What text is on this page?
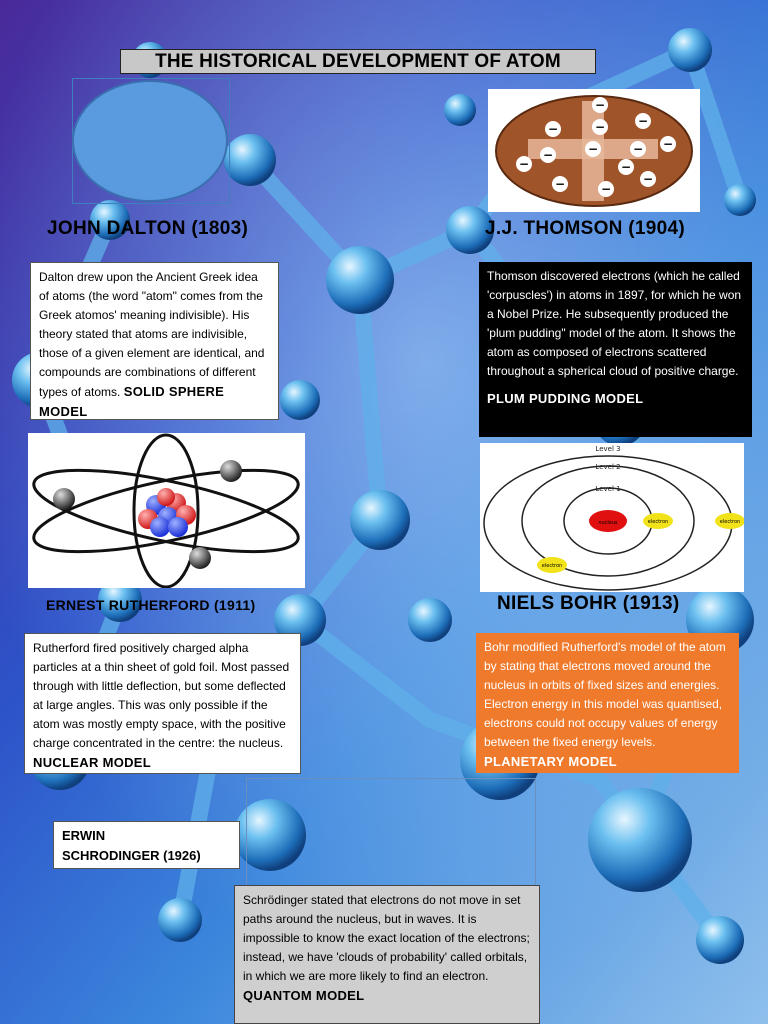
THE HISTORICAL DEVELOPMENT OF ATOM
−
−	−	−
−
−	−	− −
−	−
−
−
JOHN DALTON (1803)	J.J. THOMSON (1904)
Dalton drew upon the Ancient Greek idea of atoms (the word "atom" comes from the Greek atomos' meaning indivisible). His theory stated that atoms are indivisible, those of a given element are identical, and compounds are combinations of different types of atoms. SOLID SPHERE MODEL
Thomson discovered electrons (which he called 'corpuscles') in atoms in 1897, for which he won a Nobel Prize. He subsequently produced the 'plum pudding" model of the atom. It shows the atom as composed of electrons scattered throughout a spherical cloud of positive charge.
PLUM PUDDING MODEL
Level 1
Level 2
Level 3
nucleus	electron	electron
electron
ERNEST RUTHERFORD (1911)	NIELS BOHR (1913)
Rutherford fired positively charged alpha particles at a thin sheet of gold foil. Most passed through with little deflection, but some deflected at large angles. This was only possible if the atom was mostly empty space, with the positive charge concentrated in the centre: the nucleus. NUCLEAR MODEL
Bohr modified Rutherford's model of the atom by stating that electrons moved around the nucleus in orbits of fixed sizes and energies. Electron energy in this model was quantised, electrons could not occupy values of energy between the fixed energy levels. PLANETARY MODEL
ERWIN
SCHRODINGER (1926)
Schrödinger stated that electrons do not move in set paths around the nucleus, but in waves. It is impossible to know the exact location of the electrons; instead, we have 'clouds of probability' called orbitals, in which we are more likely to find an electron. QUANTOM MODEL
